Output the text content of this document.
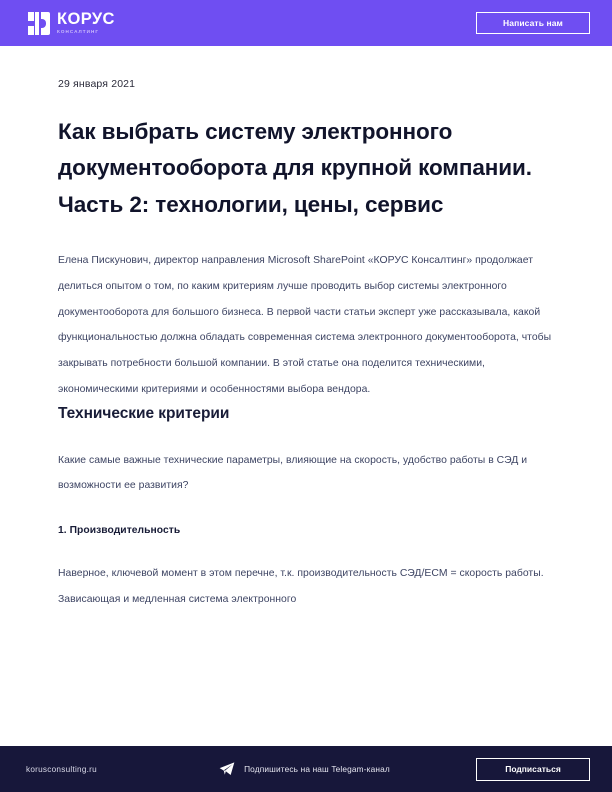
КОРУС
КОНСАЛТИНГ
Написать нам
29 января 2021
Как выбрать систему электронного документооборота для крупной компании. Часть 2: технологии, цены, сервис

Елена Пискунович, директор направления Microsoft SharePoint «КОРУС Консалтинг» продолжает делиться опытом о том, по каким критериям лучше проводить выбор системы электронного документооборота для большого бизнеса. В первой части статьи эксперт уже рассказывала, какой функциональностью должна обладать современная система электронного документооборота, чтобы закрывать потребности большой компании. В этой статье она поделится техническими, экономическими критериями и особенностями выбора вендора.

Технические критерии

Какие самые важные технические параметры, влияющие на скорость, удобство работы в СЭД и возможности ее развития?

1. Производительность

Наверное, ключевой момент в этом перечне, т.к. производительность СЭД/ECM = скорость работы. Зависающая и медленная система электронного

korusconsulting.ru	Подпишитесь на наш Telegam-канал	Подписаться
